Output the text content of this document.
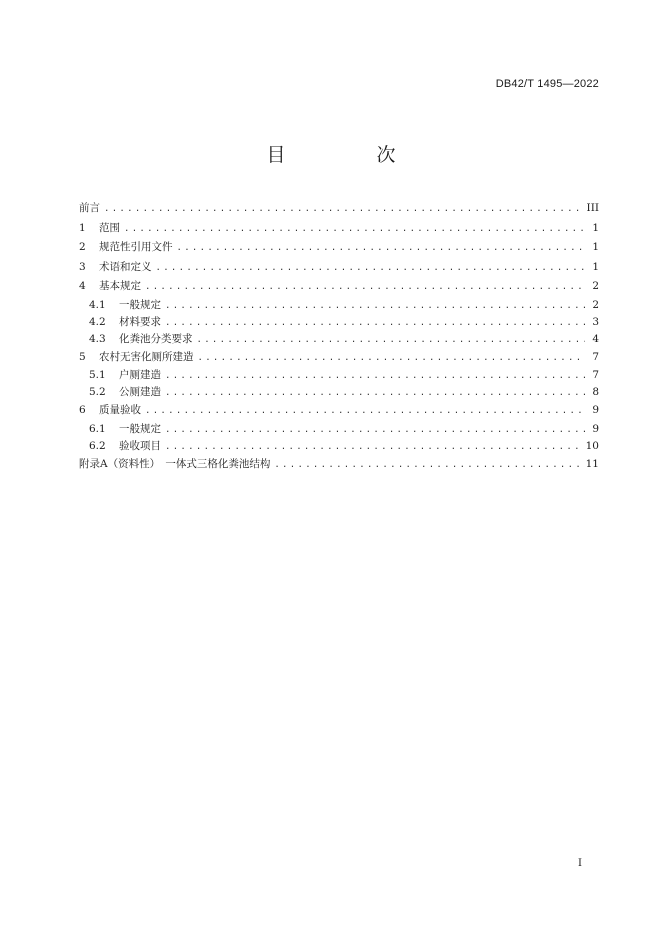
DB42/T 1495—2022
目　次
前言 .....	III
1	范围 .....	1
2	规范性引用文件 .....	1
3	术语和定义 .....	1
4	基本规定 .....	2
4.1	一般规定 .....	2
4.2	材料要求 .....	3
4.3	化粪池分类要求 .....	4
5	农村无害化厕所建造 .....	7
5.1	户厕建造 .....	7
5.2	公厕建造 .....	8
6	质量验收 .....	9
6.1	一般规定 .....	9
6.2	验收项目 .....	10
附录A（资料性）　一体式三格化粪池结构 .....	11
I
